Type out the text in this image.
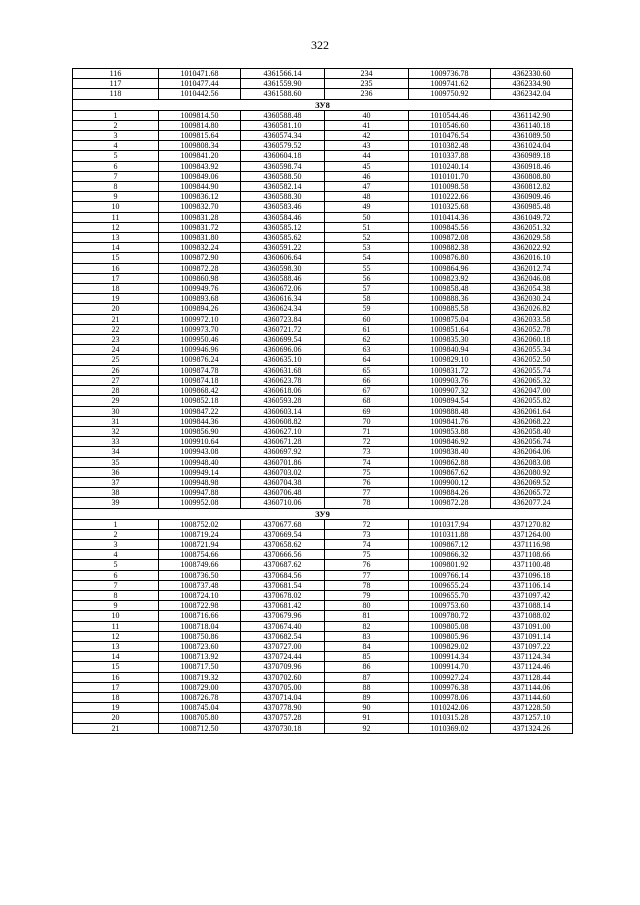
322
116	1010471.68	4361566.14	234	1009736.78	4362330.60
117	1010477.44	4361559.90	235	1009741.62	4362334.90
118	1010442.56	4361588.60	236	1009750.92	4362342.04
ЗУ8					
1	1009814.50	4360588.48	40	1010544.46	4361142.90
2	1009814.80	4360581.10	41	1010546.60	4361140.18
3	1009815.64	4360574.34	42	1010476.54	4361089.50
4	1009808.34	4360579.52	43	1010382.48	4361024.04
5	1009841.20	4360604.18	44	1010337.88	4360989.18
6	1009843.92	4360598.74	45	1010240.14	4360918.46
7	1009849.06	4360588.50	46	1010101.70	4360808.80
8	1009844.90	4360582.14	47	1010098.58	4360812.82
9	1009836.12	4360588.30	48	1010222.66	4360909.46
10	1009832.70	4360583.46	49	1010325.68	4360985.48
11	1009831.28	4360584.46	50	1010414.36	4361049.72
12	1009831.72	4360585.12	51	1009845.56	4362051.32
13	1009831.80	4360585.62	52	1009872.08	4362029.58
14	1009832.24	4360591.22	53	1009882.38	4362022.92
15	1009872.90	4360606.64	54	1009876.80	4362016.10
16	1009872.28	4360598.30	55	1009864.96	4362012.74
17	1009860.98	4360588.46	56	1009823.92	4362046.08
18	1009949.76	4360672.06	57	1009858.48	4362054.38
19	1009893.68	4360616.34	58	1009888.36	4362030.24
20	1009894.26	4360624.34	59	1009885.58	4362026.82
21	1009972.10	4360723.84	60	1009875.04	4362033.58
22	1009973.70	4360721.72	61	1009851.64	4362052.78
23	1009950.46	4360699.54	62	1009835.30	4362060.18
24	1009946.96	4360696.06	63	1009840.94	4362055.34
25	1009876.24	4360635.10	64	1009829.10	4362052.50
26	1009874.78	4360631.68	65	1009831.72	4362055.74
27	1009874.18	4360623.78	66	1009903.76	4362065.32
28	1009868.42	4360618.06	67	1009907.32	4362047.00
29	1009852.18	4360593.28	68	1009894.54	4362055.82
30	1009847.22	4360603.14	69	1009888.48	4362061.64
31	1009844.36	4360608.82	70	1009841.76	4362068.22
32	1009856.90	4360627.10	71	1009853.88	4362058.40
33	1009910.64	4360671.28	72	1009846.92	4362056.74
34	1009943.08	4360697.92	73	1009838.40	4362064.06
35	1009948.40	4360701.86	74	1009862.88	4362083.08
36	1009949.14	4360703.02	75	1009867.62	4362080.92
37	1009948.98	4360704.38	76	1009900.12	4362069.52
38	1009947.88	4360706.48	77	1009884.26	4362065.72
39	1009952.08	4360710.06	78	1009872.28	4362077.24
ЗУ9					
1	1008752.02	4370677.68	72	1010317.94	4371270.82
2	1008719.24	4370669.54	73	1010311.88	4371264.00
3	1008721.94	4370658.62	74	1009867.12	4371116.98
4	1008754.66	4370666.56	75	1009866.32	4371108.66
5	1008749.66	4370687.62	76	1009801.92	4371100.48
6	1008736.50	4370684.56	77	1009766.14	4371096.18
7	1008737.48	4370681.54	78	1009655.24	4371106.14
8	1008724.10	4370678.02	79	1009655.70	4371097.42
9	1008722.98	4370681.42	80	1009753.60	4371088.14
10	1008716.66	4370679.96	81	1009780.72	4371088.02
11	1008718.04	4370674.40	82	1009805.08	4371091.00
12	1008750.86	4370682.54	83	1009805.96	4371091.14
13	1008723.60	4370727.00	84	1009829.02	4371097.22
14	1008713.92	4370724.44	85	1009914.34	4371124.34
15	1008717.50	4370709.96	86	1009914.70	4371124.46
16	1008719.32	4370702.60	87	1009927.24	4371128.44
17	1008729.00	4370705.00	88	1009976.38	4371144.06
18	1008726.78	4370714.04	89	1009978.06	4371144.60
19	1008745.04	4370778.90	90	1010242.06	4371228.50
20	1008705.80	4370757.28	91	1010315.28	4371257.10
21	1008712.50	4370730.18	92	1010369.02	4371324.26
